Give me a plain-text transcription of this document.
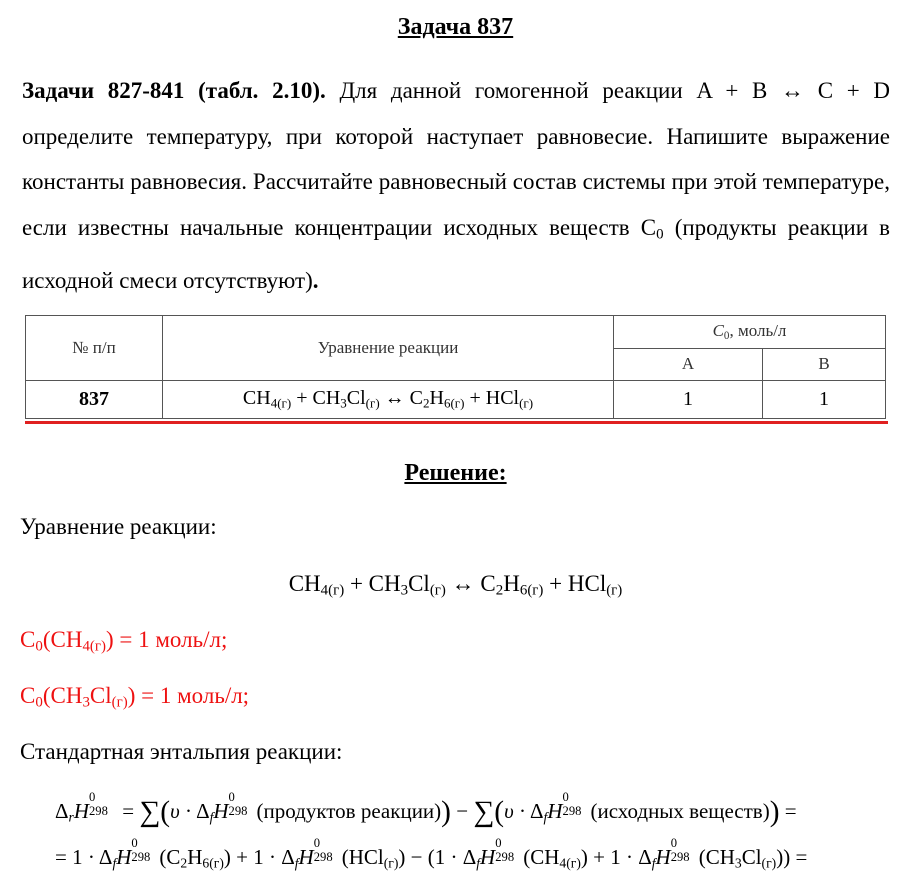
Задача 837
Задачи 827-841 (табл. 2.10). Для данной гомогенной реакции A + B ↔ C + D определите температуру, при которой наступает равновесие. Напишите выражение константы равновесия. Рассчитайте равновесный состав системы при этой температуре, если известны начальные концентрации исходных веществ $C_0$ (продукты реакции в исходной смеси отсутствуют).
№ п/п	Уравнение реакции	$C_0$, моль/л	
		A	B
837	$CH_{4(г)} + CH_3Cl_{(г)}$ ↔ $C_2H_{6(г)} + HCl_{(г)}$	1	1
Решение:
Уравнение реакции:
$CH_{4(г)} + CH_3Cl_{(г)}$ ↔ $C_2H_{6(г)} + HCl_{(г)}$
$C_0(CH_{4(г)}) = 1$ моль/л;
$C_0(CH_3Cl_{(г)}) = 1$ моль/л;
Стандартная энтальпия реакции:
$\Delta_rH$
0
$298 = \sum(\upsilon \cdot \Delta_fH$
0
298 (продуктов реакции)) − $\sum(\upsilon \cdot \Delta_fH$
0
298 (исходных веществ)) =
= $1 \cdot \Delta_fH$
0
298 $(C_2H_{6(г)}) + 1 \cdot \Delta_fH$
0
298 $(HCl_{(г)}) - (1 \cdot \Delta_fH$
0
298 $(CH_{4(г)}) + 1 \cdot \Delta_fH$
0
298 $(CH_3Cl_{(г)})$) =
